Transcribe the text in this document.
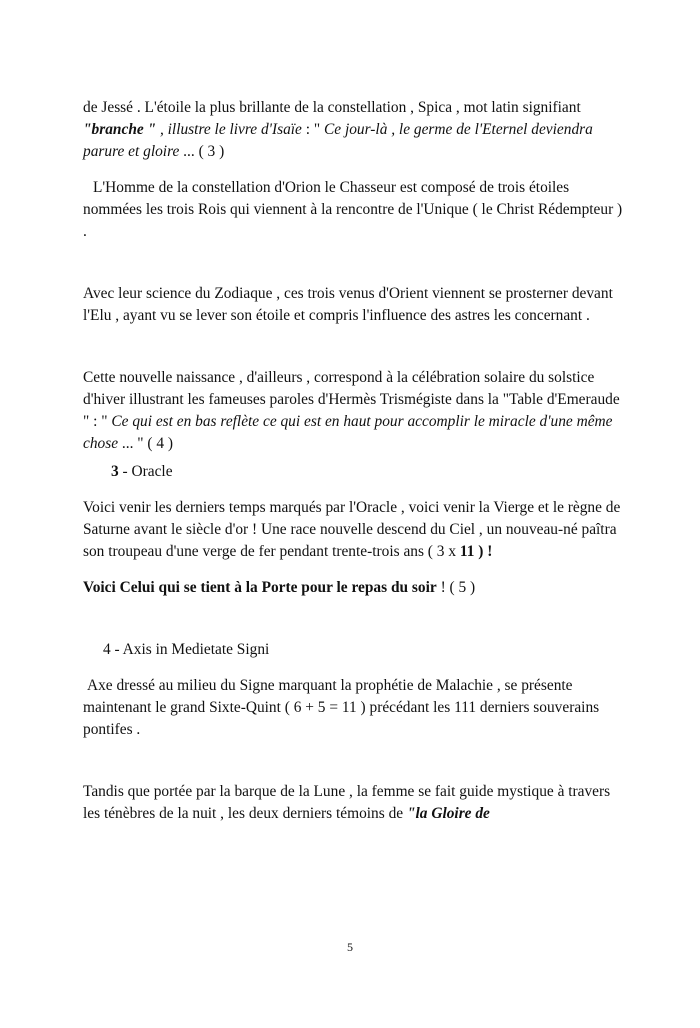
de Jessé . L'étoile la plus brillante de la constellation , Spica , mot latin signifiant "branche " , illustre le livre d'Isaïe : " Ce jour-là , le germe de l'Eternel deviendra parure et gloire ... ( 3 )

L'Homme de la constellation d'Orion le Chasseur est composé de trois étoiles nommées les trois Rois qui viennent à la rencontre de l'Unique ( le Christ Rédempteur ) .

Avec leur science du Zodiaque , ces trois venus d'Orient viennent se prosterner devant l'Elu , ayant vu se lever son étoile et compris l'influence des astres les concernant .

Cette nouvelle naissance , d'ailleurs , correspond à la célébration solaire du solstice d'hiver illustrant les fameuses paroles d'Hermès Trismégiste dans la "Table d'Emeraude " : " Ce qui est en bas reflète ce qui est en haut pour accomplir le miracle d'une même chose ... " ( 4 )

3 - Oracle

Voici venir les derniers temps marqués par l'Oracle , voici venir la Vierge et le règne de Saturne avant le siècle d'or ! Une race nouvelle descend du Ciel , un nouveau-né paîtra son troupeau d'une verge de fer pendant trente-trois ans ( 3 x 11 ) !

Voici Celui qui se tient à la Porte pour le repas du soir ! ( 5 )

4 - Axis in Medietate Signi

Axe dressé au milieu du Signe marquant la prophétie de Malachie , se présente maintenant le grand Sixte-Quint ( 6 + 5 = 11 ) précédant les 111 derniers souverains pontifes .

Tandis que portée par la barque de la Lune , la femme se fait guide mystique à travers les ténèbres de la nuit , les deux derniers témoins de "la Gloire de

5
